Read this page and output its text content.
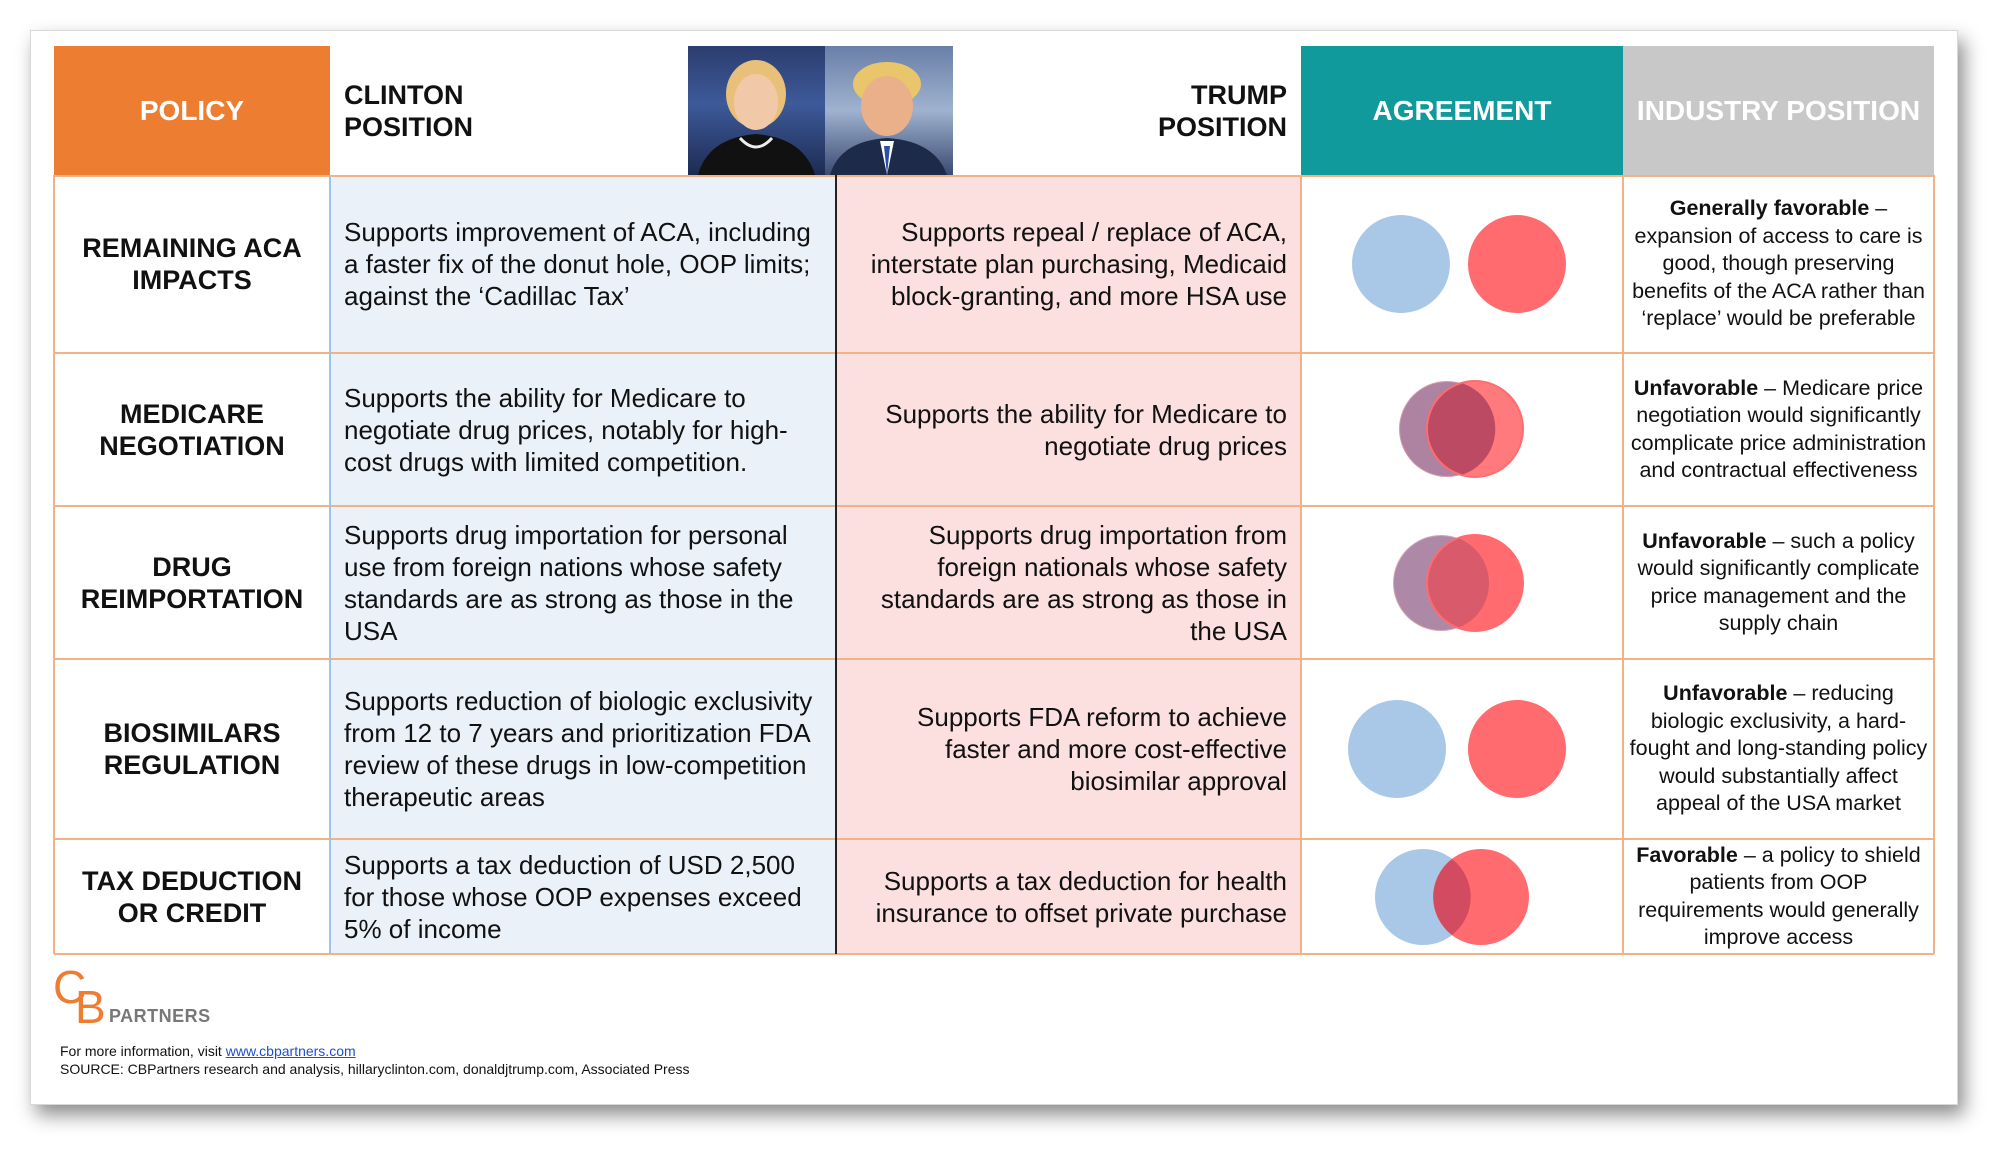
POLICY	CLINTON
POSITION
TRUMP
POSITION
AGREEMENT	INDUSTRY POSITION
REMAINING ACA
IMPACTS
Supports improvement of ACA, including a faster fix of the donut hole, OOP limits; against the ‘Cadillac Tax’
Supports repeal / replace of ACA, interstate plan purchasing, Medicaid block-granting, and more HSA use
Generally favorable – expansion of access to care is good, though preserving benefits of the ACA rather than ‘replace’ would be preferable
MEDICARE
NEGOTIATION
Supports the ability for Medicare to negotiate drug prices, notably for high-cost drugs with limited competition.
Supports the ability for Medicare to negotiate drug prices
Unfavorable – Medicare price negotiation would significantly complicate price administration and contractual effectiveness
DRUG
REIMPORTATION
Supports drug importation for personal use from foreign nations whose safety standards are as strong as those in the USA
Supports drug importation from foreign nationals whose safety standards are as strong as those in the USA
Unfavorable – such a policy would significantly complicate price management and the supply chain
BIOSIMILARS
REGULATION
Supports reduction of biologic exclusivity from 12 to 7 years and prioritization FDA review of these drugs in low-competition therapeutic areas
Supports FDA reform to achieve faster and more cost-effective biosimilar approval
Unfavorable – reducing biologic exclusivity, a hard-fought and long-standing policy would substantially affect appeal of the USA market
TAX DEDUCTION
OR CREDIT
Supports a tax deduction of USD 2,500 for those whose OOP expenses exceed 5% of income
Supports a tax deduction for health insurance to offset private purchase
Favorable – a policy to shield patients from OOP requirements would generally improve access
C
B PARTNERS
For more information, visit www.cbpartners.com
SOURCE: CBPartners research and analysis, hillaryclinton.com, donaldjtrump.com, Associated Press
